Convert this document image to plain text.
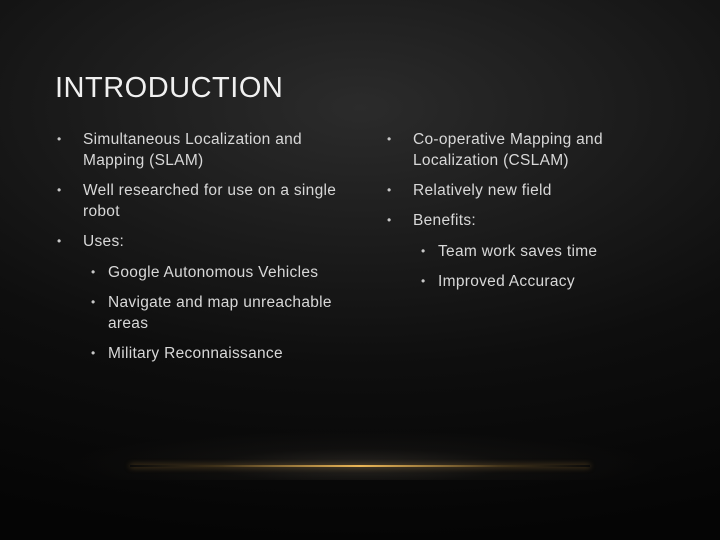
INTRODUCTION
• Simultaneous Localization and Mapping (SLAM)
• Well researched for use on a single robot
• Uses:
• Google Autonomous Vehicles
• Navigate and map unreachable areas
• Military Reconnaissance
• Co-operative Mapping and Localization (CSLAM)
• Relatively new field
• Benefits:
• Team work saves time
• Improved Accuracy
